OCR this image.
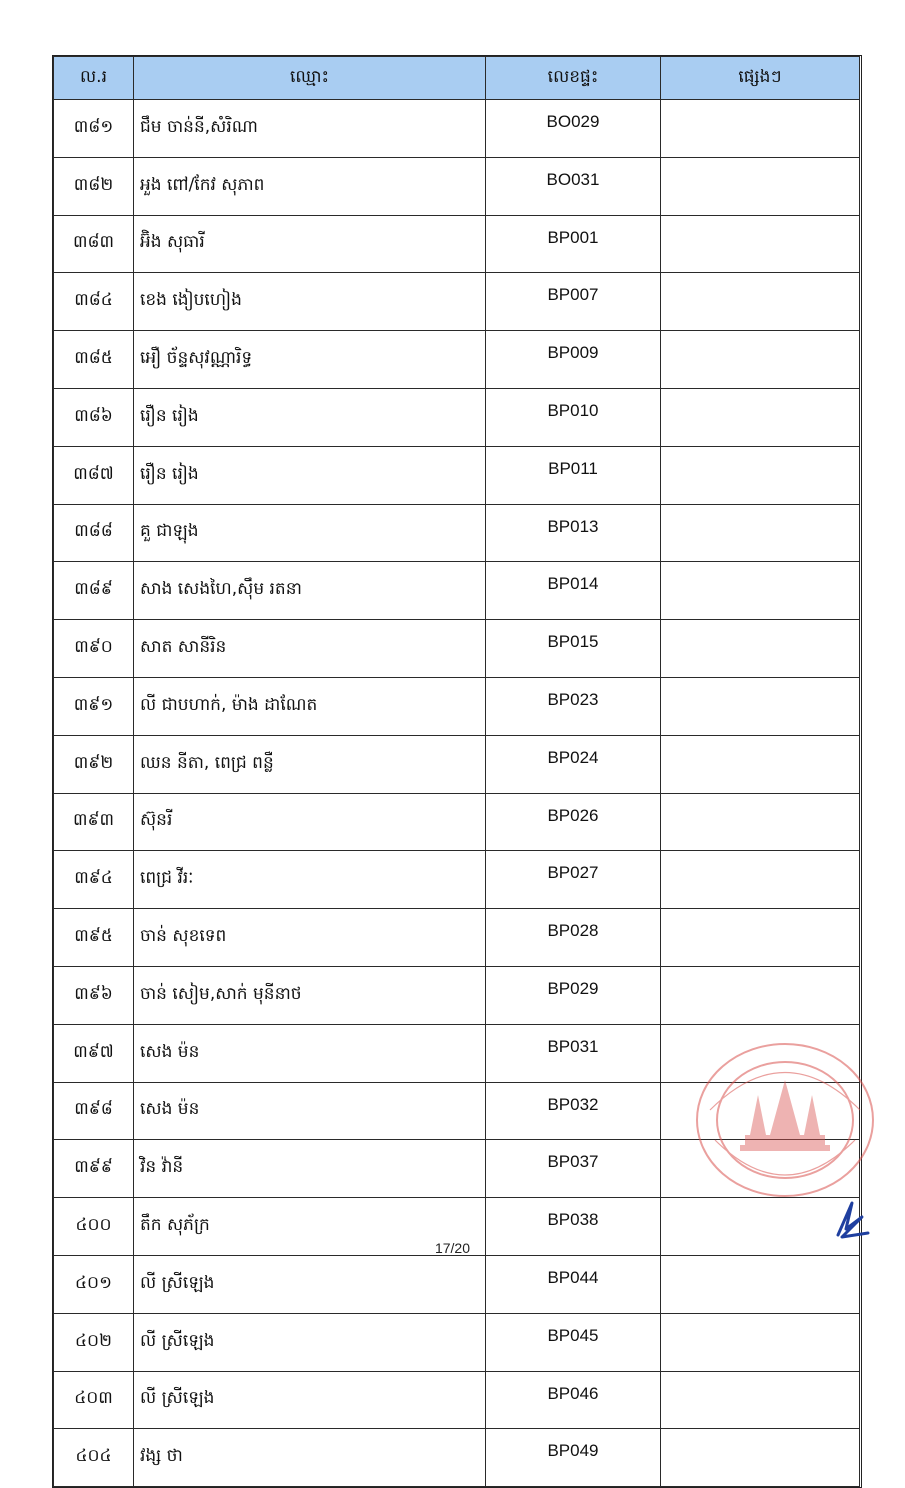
ល.រ	ឈ្មោះ	លេខផ្ទះ	ផ្សេងៗ
៣៨១	ជឹម ចាន់នី,សំរិណា	BO029	
៣៨២	អួង ពៅ/កែវ សុភាព	BO031	
៣៨៣	អ៊ិង សុធារី	BP001	
៣៨៤	ខេង ងៀបហៀង	BP007	
៣៨៥	អឿ ច័ន្ទសុវណ្ណារិទ្ធ	BP009	
៣៨៦	រឿន រៀង	BP010	
៣៨៧	រឿន រៀង	BP011	
៣៨៨	គួ ជាឡុង	BP013	
៣៨៩	សាង សេងហៃ,ស៊ឹម រតនា	BP014	
៣៩០	សាត សានីរិន	BP015	
៣៩១	លី ជាបហាក់, ម៉ាង ដាណែត	BP023	
៣៩២	ឈន នីតា, ពេជ្រ ពន្លឺ	BP024	
៣៩៣	ស៊ុនរី	BP026	
៣៩៤	ពេជ្រ វីរៈ	BP027	
៣៩៥	ចាន់ សុខទេព	BP028	
៣៩៦	ចាន់ សៀម,សាក់ មុនីនាថ	BP029	
៣៩៧	សេង ម៉ន	BP031	
៣៩៨	សេង ម៉ន	BP032	
៣៩៩	វិន វ៉ានី	BP037	
៤០០	តឹក សុភ័ក្រ	BP038	
៤០១	លី ស្រីឡេង	BP044	
៤០២	លី ស្រីឡេង	BP045	
៤០៣	លី ស្រីឡេង	BP046	
៤០៤	វង្ស ថា	BP049	
17/20
